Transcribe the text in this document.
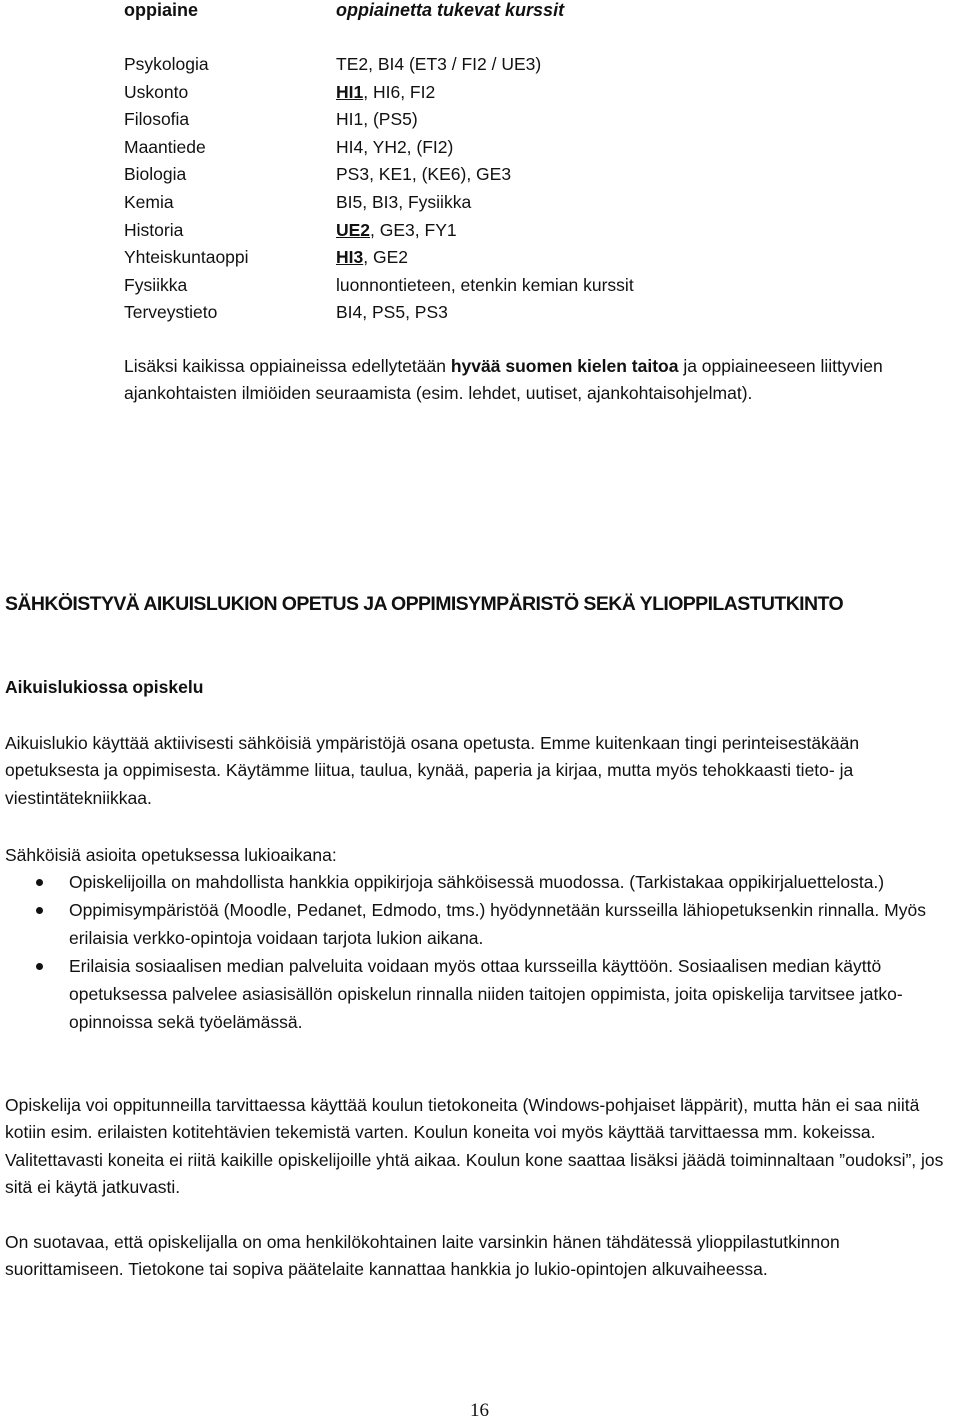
oppiaine	oppiainetta tukevat kurssit
Psykologia	TE2, BI4 (ET3 / FI2 / UE3)
Uskonto	HI1, HI6, FI2
Filosofia	HI1, (PS5)
Maantiede	HI4, YH2, (FI2)
Biologia	PS3, KE1, (KE6), GE3
Kemia	BI5, BI3, Fysiikka
Historia	UE2, GE3, FY1
Yhteiskuntaoppi	HI3, GE2
Fysiikka	luonnontieteen, etenkin kemian kurssit
Terveystieto	BI4, PS5, PS3

Lisäksi kaikissa oppiaineissa edellytetään hyvää suomen kielen taitoa ja oppiaineeseen liittyvien ajankohtaisten ilmiöiden seuraamista (esim. lehdet, uutiset, ajankohtaisohjelmat).

SÄHKÖISTYVÄ AIKUISLUKION OPETUS JA OPPIMISYMPÄRISTÖ SEKÄ YLIOPPILASTUTKINTO
Aikuislukiossa opiskelu

Aikuislukio käyttää aktiivisesti sähköisiä ympäristöjä osana opetusta. Emme kuitenkaan tingi perinteisestäkään opetuksesta ja oppimisesta. Käytämme liitua, taulua, kynää, paperia ja kirjaa, mutta myös tehokkaasti tieto- ja viestintätekniikkaa.

Sähköisiä asioita opetuksessa lukioaikana:

Opiskelijoilla on mahdollista hankkia oppikirjoja sähköisessä muodossa. (Tarkistakaa oppikirjaluettelosta.)
Oppimisympäristöä (Moodle, Pedanet, Edmodo, tms.) hyödynnetään kursseilla lähiopetuksenkin rinnalla. Myös erilaisia verkko-opintoja voidaan tarjota lukion aikana.
Erilaisia sosiaalisen median palveluita voidaan myös ottaa kursseilla käyttöön. Sosiaalisen median käyttö opetuksessa palvelee asiasisällön opiskelun rinnalla niiden taitojen oppimista, joita opiskelija tarvitsee jatko-opinnoissa sekä työelämässä.

Opiskelija voi oppitunneilla tarvittaessa käyttää koulun tietokoneita (Windows-pohjaiset läppärit), mutta hän ei saa niitä kotiin esim. erilaisten kotitehtävien tekemistä varten. Koulun koneita voi myös käyttää tarvittaessa mm. kokeissa. Valitettavasti koneita ei riitä kaikille opiskelijoille yhtä aikaa. Koulun kone saattaa lisäksi jäädä toiminnaltaan ”oudoksi”, jos sitä ei käytä jatkuvasti.

On suotavaa, että opiskelijalla on oma henkilökohtainen laite varsinkin hänen tähdätessä ylioppilastutkinnon suorittamiseen. Tietokone tai sopiva päätelaite kannattaa hankkia jo lukio-opintojen alkuvaiheessa.

16
